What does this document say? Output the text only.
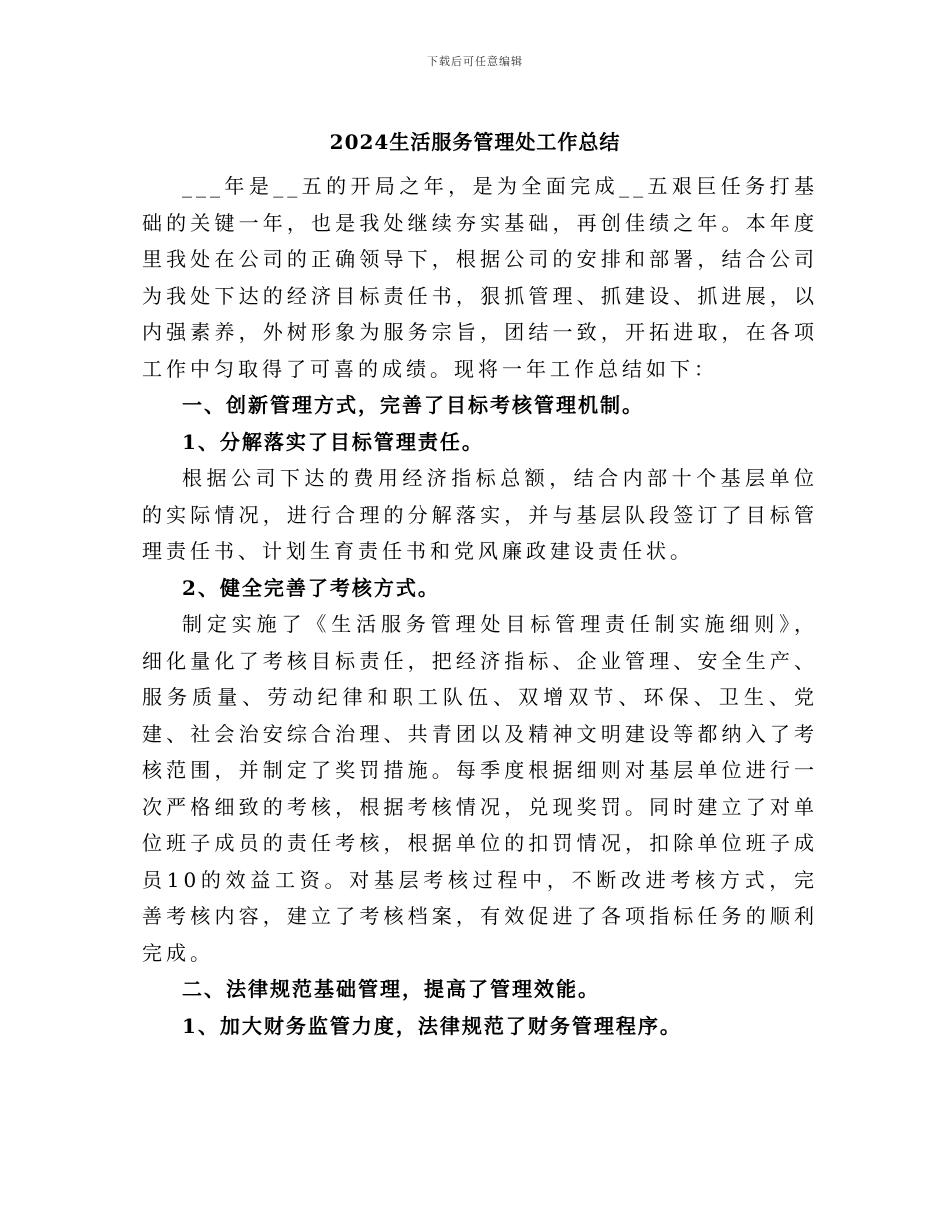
下载后可任意编辑
2024生活服务管理处工作总结

___年是__五的开局之年，是为全面完成__五艰巨任务打基础的关键一年，也是我处继续夯实基础，再创佳绩之年。本年度里我处在公司的正确领导下，根据公司的安排和部署，结合公司为我处下达的经济目标责任书，狠抓管理、抓建设、抓进展，以内强素养，外树形象为服务宗旨，团结一致，开拓进取，在各项工作中匀取得了可喜的成绩。现将一年工作总结如下：

一、创新管理方式，完善了目标考核管理机制。

1、分解落实了目标管理责任。

根据公司下达的费用经济指标总额，结合内部十个基层单位的实际情况，进行合理的分解落实，并与基层队段签订了目标管理责任书、计划生育责任书和党风廉政建设责任状。

2、健全完善了考核方式。

制定实施了《生活服务管理处目标管理责任制实施细则》，细化量化了考核目标责任，把经济指标、企业管理、安全生产、服务质量、劳动纪律和职工队伍、双增双节、环保、卫生、党建、社会治安综合治理、共青团以及精神文明建设等都纳入了考核范围，并制定了奖罚措施。每季度根据细则对基层单位进行一次严格细致的考核，根据考核情况，兑现奖罚。同时建立了对单位班子成员的责任考核，根据单位的扣罚情况，扣除单位班子成员10的效益工资。对基层考核过程中，不断改进考核方式，完善考核内容，建立了考核档案，有效促进了各项指标任务的顺利完成。

二、法律规范基础管理，提高了管理效能。

1、加大财务监管力度，法律规范了财务管理程序。
